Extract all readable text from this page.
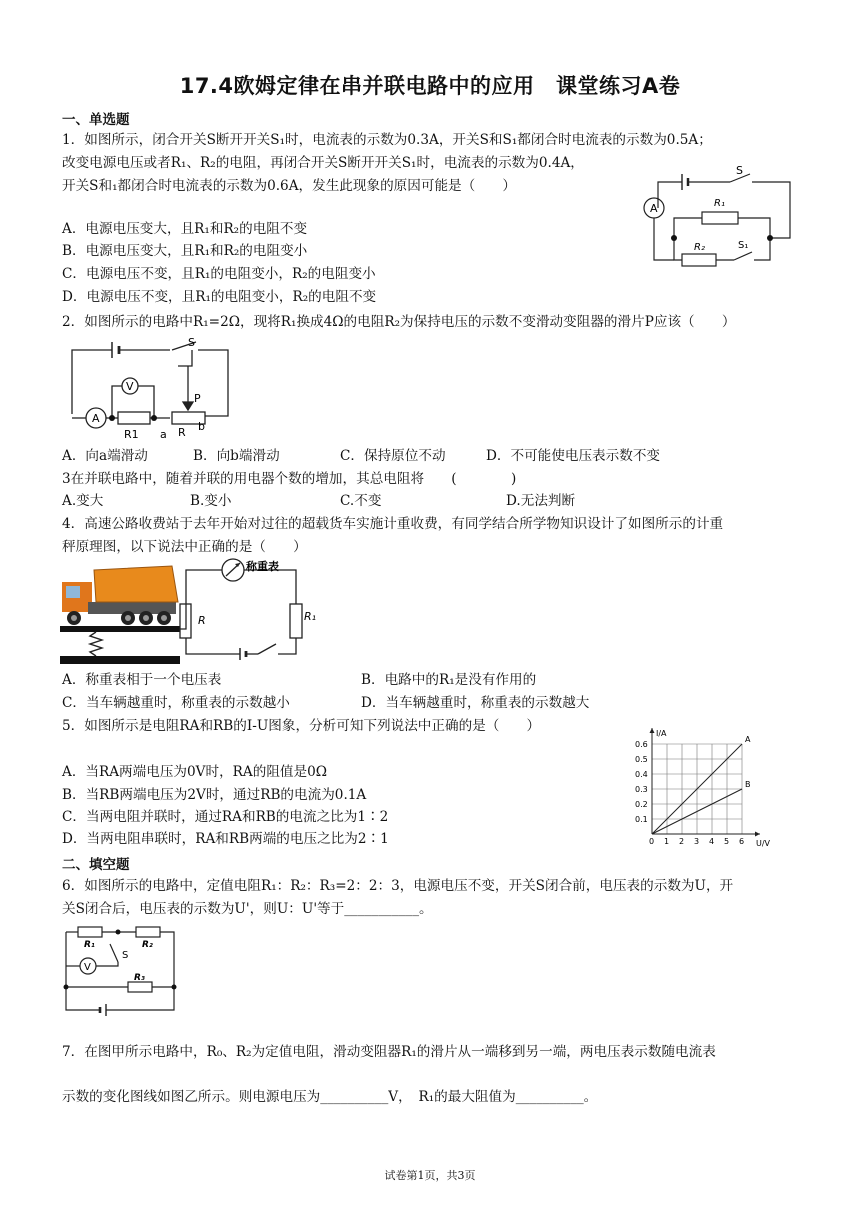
17.4欧姆定律在串并联电路中的应用　课堂练习A卷
一、单选题
1．如图所示，闭合开关S断开开关S₁时，电流表的示数为0.3A，开关S和S₁都闭合时电流表的示数为0.5A；
改变电源电压或者R₁、R₂的电阻，再闭合开关S断开开关S₁时，电流表的示数为0.4A，
开关S和₁都闭合时电流表的示数为0.6A，发生此现象的原因可能是（　　）
A．电源电压变大，且R₁和R₂的电阻不变
B．电源电压变大，且R₁和R₂的电阻变小
C．电源电压不变，且R₁的电阻变小，R₂的电阻变小
D．电源电压不变，且R₁的电阻变小，R₂的电阻不变
A
S
R₁
R₂	S₁
2．如图所示的电路中R₁=2Ω，现将R₁换成4Ω的电阻R₂为保持电压的示数不变滑动变阻器的滑片P应该（　　）
A
V
S
P
R1 a R b
A．向a端滑动	B．向b端滑动	C．保持原位不动	D．不可能使电压表示数不变
3在并联电路中，随着并联的用电器个数的增加，其总电阻将　　(　　　　)
A.变大	B.变小	C.不变	D.无法判断
4．高速公路收费站于去年开始对过往的超载货车实施计重收费，有同学结合所学物知识设计了如图所示的计重
秤原理图，以下说法中正确的是（　　）
称重表
R	R₁
A．称重表相于一个电压表	B．电路中的R₁是没有作用的
C．当车辆越重时，称重表的示数越小	D．当车辆越重时，称重表的示数越大
5．如图所示是电阻RA和RB的I-U图象，分析可知下列说法中正确的是（　　）
A．当RA两端电压为0V时，RA的阻值是0Ω
B．当RB两端电压为2V时，通过RB的电流为0.1A
C．当两电阻并联时，通过RA和RB的电流之比为1∶2
D．当两电阻串联时，RA和RB两端的电压之比为2∶1	0 1 2 3 4 5 6
0.1
0.2
0.3
0.4
0.5
0.6
U/V
I/A
A
B
二、填空题
6．如图所示的电路中，定值电阻R₁：R₂：R₃=2：2：3，电源电压不变，开关S闭合前，电压表的示数为U，开
关S闭合后，电压表的示数为U'，则U：U'等于___________。
R₁	R₂
R₃
V
S
7．在图甲所示电路中，R₀、R₂为定值电阻，滑动变阻器R₁的滑片从一端移到另一端，两电压表示数随电流表
示数的变化图线如图乙所示。则电源电压为__________V，　R₁的最大阻值为__________。
试卷第1页，共3页
